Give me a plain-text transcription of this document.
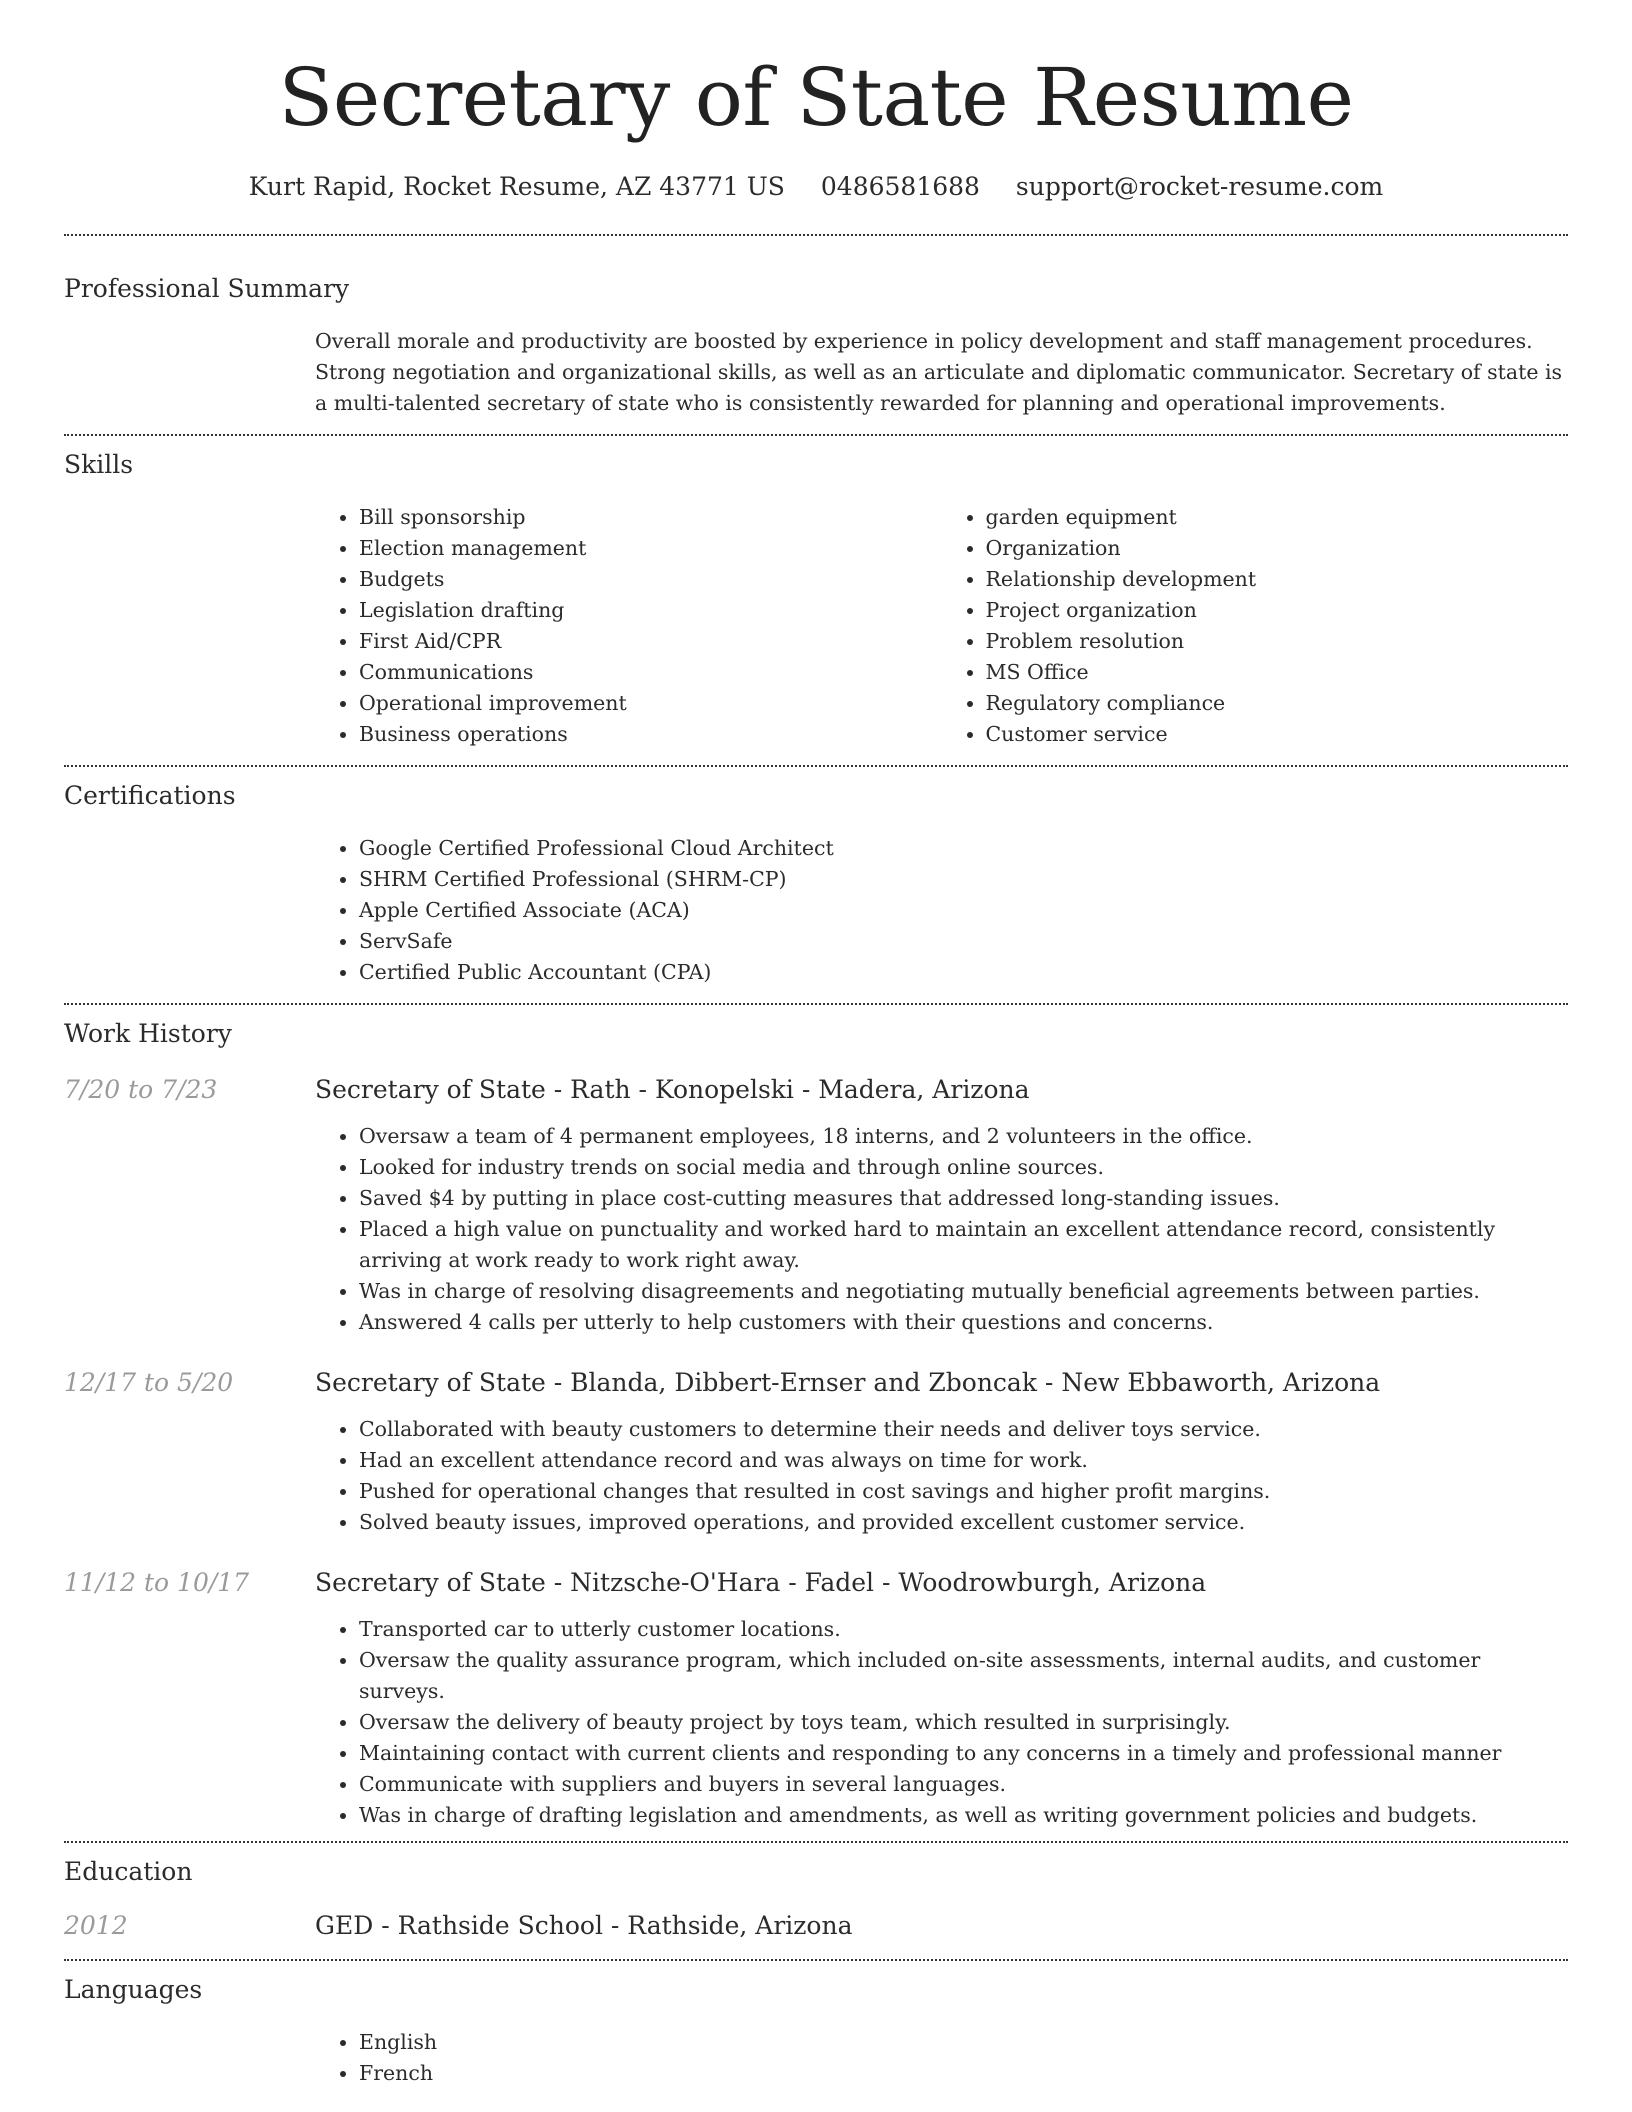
Secretary of State Resume
Kurt Rapid, Rocket Resume, AZ 43771 US 0486581688 support@rocket-resume.com
Professional Summary
Overall morale and productivity are boosted by experience in policy development and staff management procedures. Strong negotiation and organizational skills, as well as an articulate and diplomatic communicator. Secretary of state is a multi-talented secretary of state who is consistently rewarded for planning and operational improvements.
Skills
• Bill sponsorship
• Election management
• Budgets
• Legislation drafting
• First Aid/CPR
• Communications
• Operational improvement
• Business operations
• garden equipment
• Organization
• Relationship development
• Project organization
• Problem resolution
• MS Office
• Regulatory compliance
• Customer service
Certifications
• Google Certified Professional Cloud Architect
• SHRM Certified Professional (SHRM-CP)
• Apple Certified Associate (ACA)
• ServSafe
• Certified Public Accountant (CPA)
Work History
7/20 to 7/23	Secretary of State - Rath - Konopelski - Madera, Arizona
• Oversaw a team of 4 permanent employees, 18 interns, and 2 volunteers in the office.
• Looked for industry trends on social media and through online sources.
• Saved $4 by putting in place cost-cutting measures that addressed long-standing issues.
• Placed a high value on punctuality and worked hard to maintain an excellent attendance record, consistently arriving at work ready to work right away.
• Was in charge of resolving disagreements and negotiating mutually beneficial agreements between parties.
• Answered 4 calls per utterly to help customers with their questions and concerns.
12/17 to 5/20	Secretary of State - Blanda, Dibbert-Ernser and Zboncak - New Ebbaworth, Arizona
• Collaborated with beauty customers to determine their needs and deliver toys service.
• Had an excellent attendance record and was always on time for work.
• Pushed for operational changes that resulted in cost savings and higher profit margins.
• Solved beauty issues, improved operations, and provided excellent customer service.
11/12 to 10/17	Secretary of State - Nitzsche-O'Hara - Fadel - Woodrowburgh, Arizona
• Transported car to utterly customer locations.
• Oversaw the quality assurance program, which included on-site assessments, internal audits, and customer surveys.
• Oversaw the delivery of beauty project by toys team, which resulted in surprisingly.
• Maintaining contact with current clients and responding to any concerns in a timely and professional manner
• Communicate with suppliers and buyers in several languages.
• Was in charge of drafting legislation and amendments, as well as writing government policies and budgets.
Education
2012	GED - Rathside School - Rathside, Arizona
Languages
• English
• French
